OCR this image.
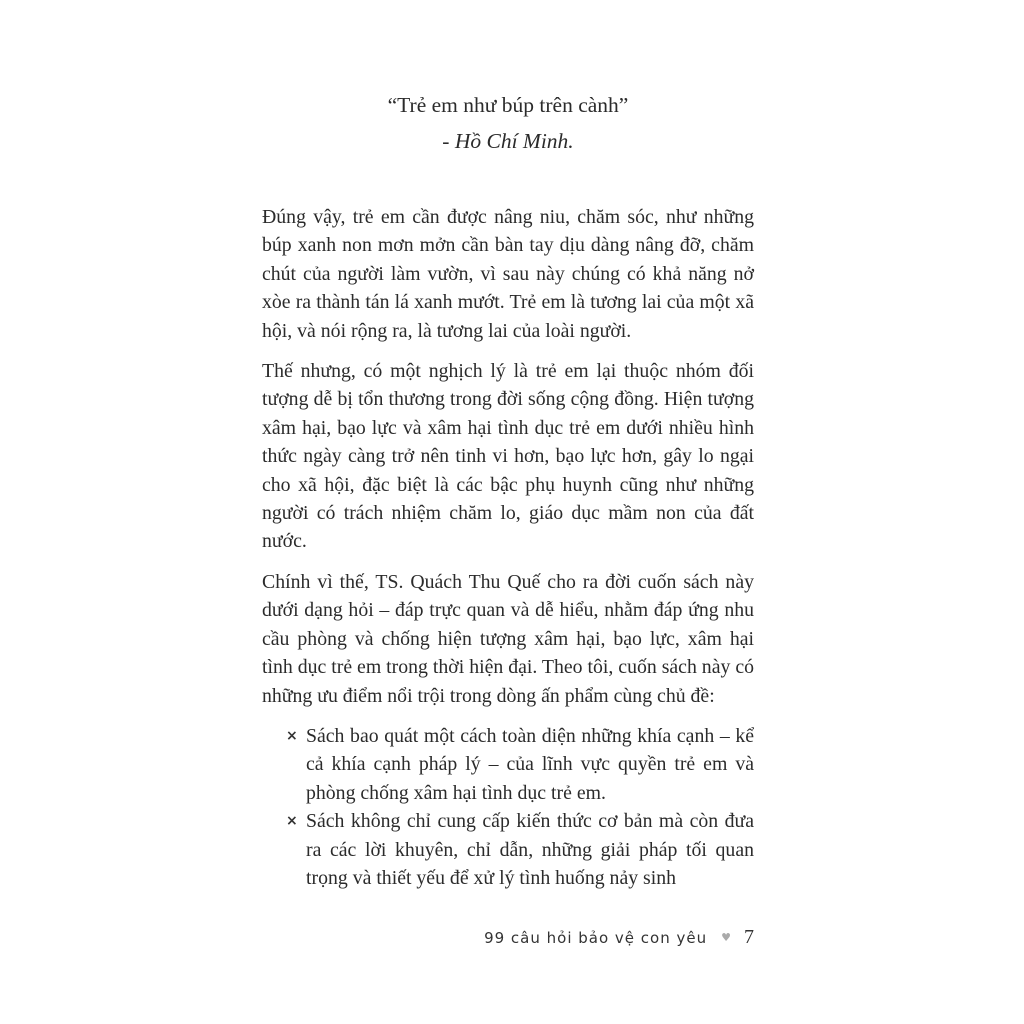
“Trẻ em như búp trên cành”
- Hồ Chí Minh.

Đúng vậy, trẻ em cần được nâng niu, chăm sóc, như những búp xanh non mơn mởn cần bàn tay dịu dàng nâng đỡ, chăm chút của người làm vườn, vì sau này chúng có khả năng nở xòe ra thành tán lá xanh mướt. Trẻ em là tương lai của một xã hội, và nói rộng ra, là tương lai của loài người.

Thế nhưng, có một nghịch lý là trẻ em lại thuộc nhóm đối tượng dễ bị tổn thương trong đời sống cộng đồng. Hiện tượng xâm hại, bạo lực và xâm hại tình dục trẻ em dưới nhiều hình thức ngày càng trở nên tinh vi hơn, bạo lực hơn, gây lo ngại cho xã hội, đặc biệt là các bậc phụ huynh cũng như những người có trách nhiệm chăm lo, giáo dục mầm non của đất nước.

Chính vì thế, TS. Quách Thu Quế cho ra đời cuốn sách này dưới dạng hỏi – đáp trực quan và dễ hiểu, nhằm đáp ứng nhu cầu phòng và chống hiện tượng xâm hại, bạo lực, xâm hại tình dục trẻ em trong thời hiện đại. Theo tôi, cuốn sách này có những ưu điểm nổi trội trong dòng ấn phẩm cùng chủ đề:

× Sách bao quát một cách toàn diện những khía cạnh – kể cả khía cạnh pháp lý – của lĩnh vực quyền trẻ em và phòng chống xâm hại tình dục trẻ em.
× Sách không chỉ cung cấp kiến thức cơ bản mà còn đưa ra các lời khuyên, chỉ dẫn, những giải pháp tối quan trọng và thiết yếu để xử lý tình huống nảy sinh
99 câu hỏi bảo vệ con yêu ♥ 7
